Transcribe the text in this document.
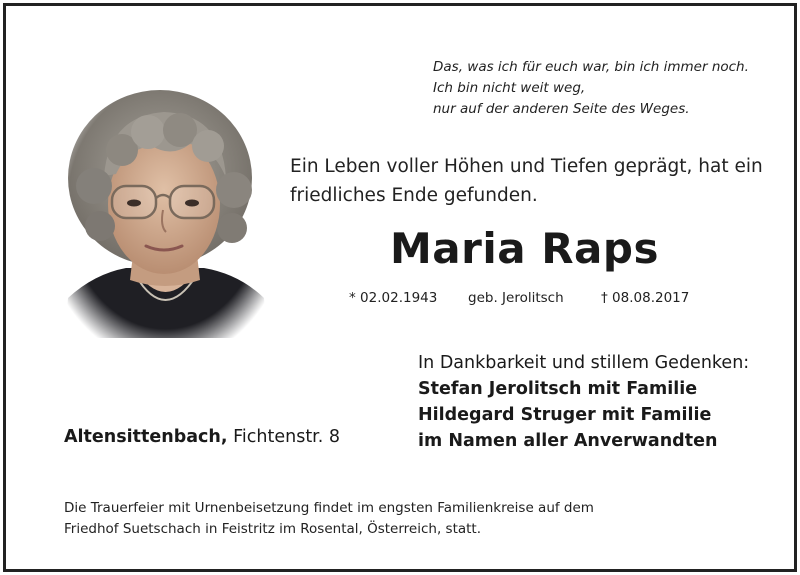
Das, was ich für euch war, bin ich immer noch.
Ich bin nicht weit weg,
nur auf der anderen Seite des Weges.
Ein Leben voller Höhen und Tiefen geprägt, hat ein
friedliches Ende gefunden.
Maria Raps
* 02.02.1943 geb. Jerolitsch	† 08.08.2017
In Dankbarkeit und stillem Gedenken:
Stefan Jerolitsch mit Familie
Hildegard Struger mit Familie
im Namen aller Anverwandten
Altensittenbach, Fichtenstr. 8
Die Trauerfeier mit Urnenbeisetzung findet im engsten Familienkreise auf dem
Friedhof Suetschach in Feistritz im Rosental, Österreich, statt.
